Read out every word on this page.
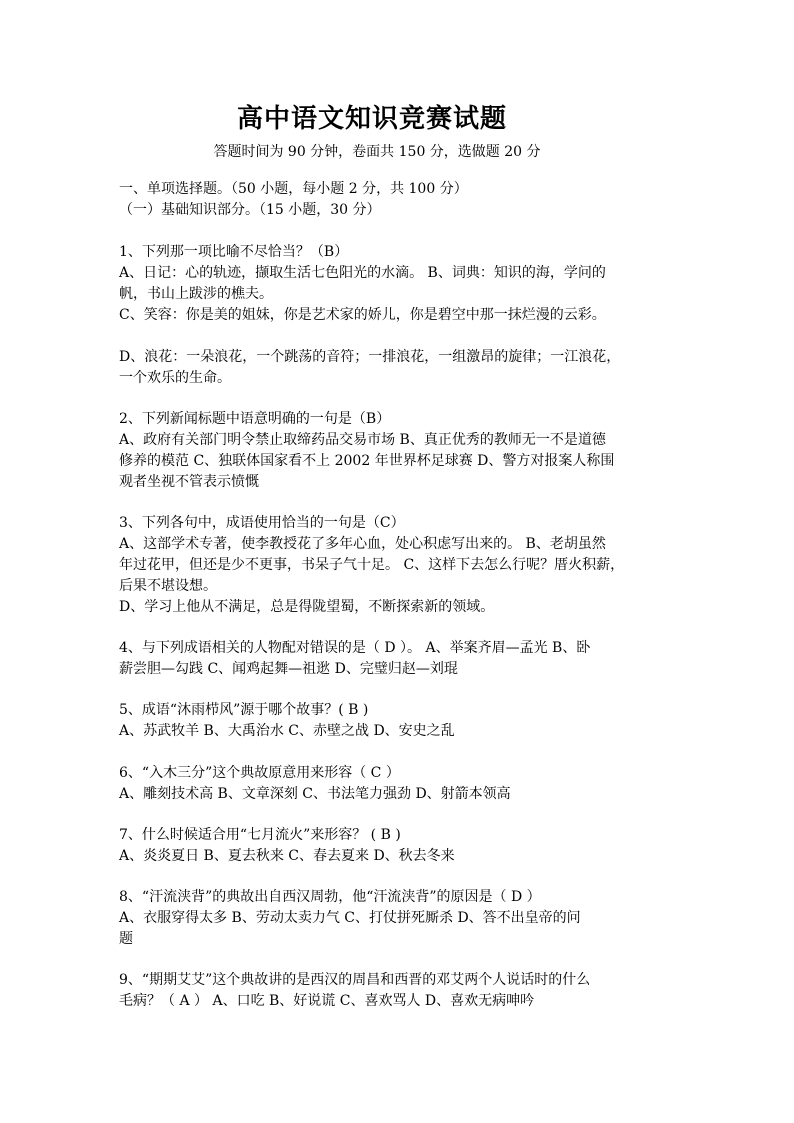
高中语文知识竞赛试题
答题时间为 90 分钟，卷面共 150 分，选做题 20 分
一、单项选择题。（50 小题，每小题 2 分，共 100 分）
（一）基础知识部分。（15 小题，30 分）
1、下列那一项比喻不尽恰当？（B）
A、日记：心的轨迹，撷取生活七色阳光的水滴。 B、词典：知识的海，学问的
帆，书山上跋涉的樵夫。
C、笑容：你是美的姐妹，你是艺术家的娇儿，你是碧空中那一抹烂漫的云彩。
D、浪花：一朵浪花，一个跳荡的音符；一排浪花，一组激昂的旋律；一江浪花，
一个欢乐的生命。
2、下列新闻标题中语意明确的一句是（B）
A、政府有关部门明令禁止取缔药品交易市场 B、真正优秀的教师无一不是道德
修养的模范 C、独联体国家看不上 2002 年世界杯足球赛 D、警方对报案人称围
观者坐视不管表示愤慨
3、下列各句中，成语使用恰当的一句是（C）
A、这部学术专著，使李教授花了多年心血，处心积虑写出来的。 B、老胡虽然
年过花甲，但还是少不更事，书呆子气十足。 C、这样下去怎么行呢？厝火积薪，
后果不堪设想。
D、学习上他从不满足，总是得陇望蜀，不断探索新的领域。
4、与下列成语相关的人物配对错误的是（ D ）。 A、举案齐眉—孟光 B、卧
薪尝胆—勾践 C、闻鸡起舞—祖逖 D、完璧归赵—刘琨
5、成语“沐雨栉风”源于哪个故事？( B )
A、苏武牧羊 B、大禹治水 C、赤壁之战 D、安史之乱
6、“入木三分”这个典故原意用来形容（ C ）
A、雕刻技术高 B、文章深刻 C、书法笔力强劲 D、射箭本领高
7、什么时候适合用“七月流火”来形容？ ( B )
A、炎炎夏日 B、夏去秋来 C、春去夏来 D、秋去冬来
8、“汗流浃背”的典故出自西汉周勃，他“汗流浃背”的原因是（ D ）
A、衣服穿得太多 B、劳动太卖力气 C、打仗拼死厮杀 D、答不出皇帝的问
题
9、“期期艾艾”这个典故讲的是西汉的周昌和西晋的邓艾两个人说话时的什么
毛病？（ A ） A、口吃 B、好说谎 C、喜欢骂人 D、喜欢无病呻吟
